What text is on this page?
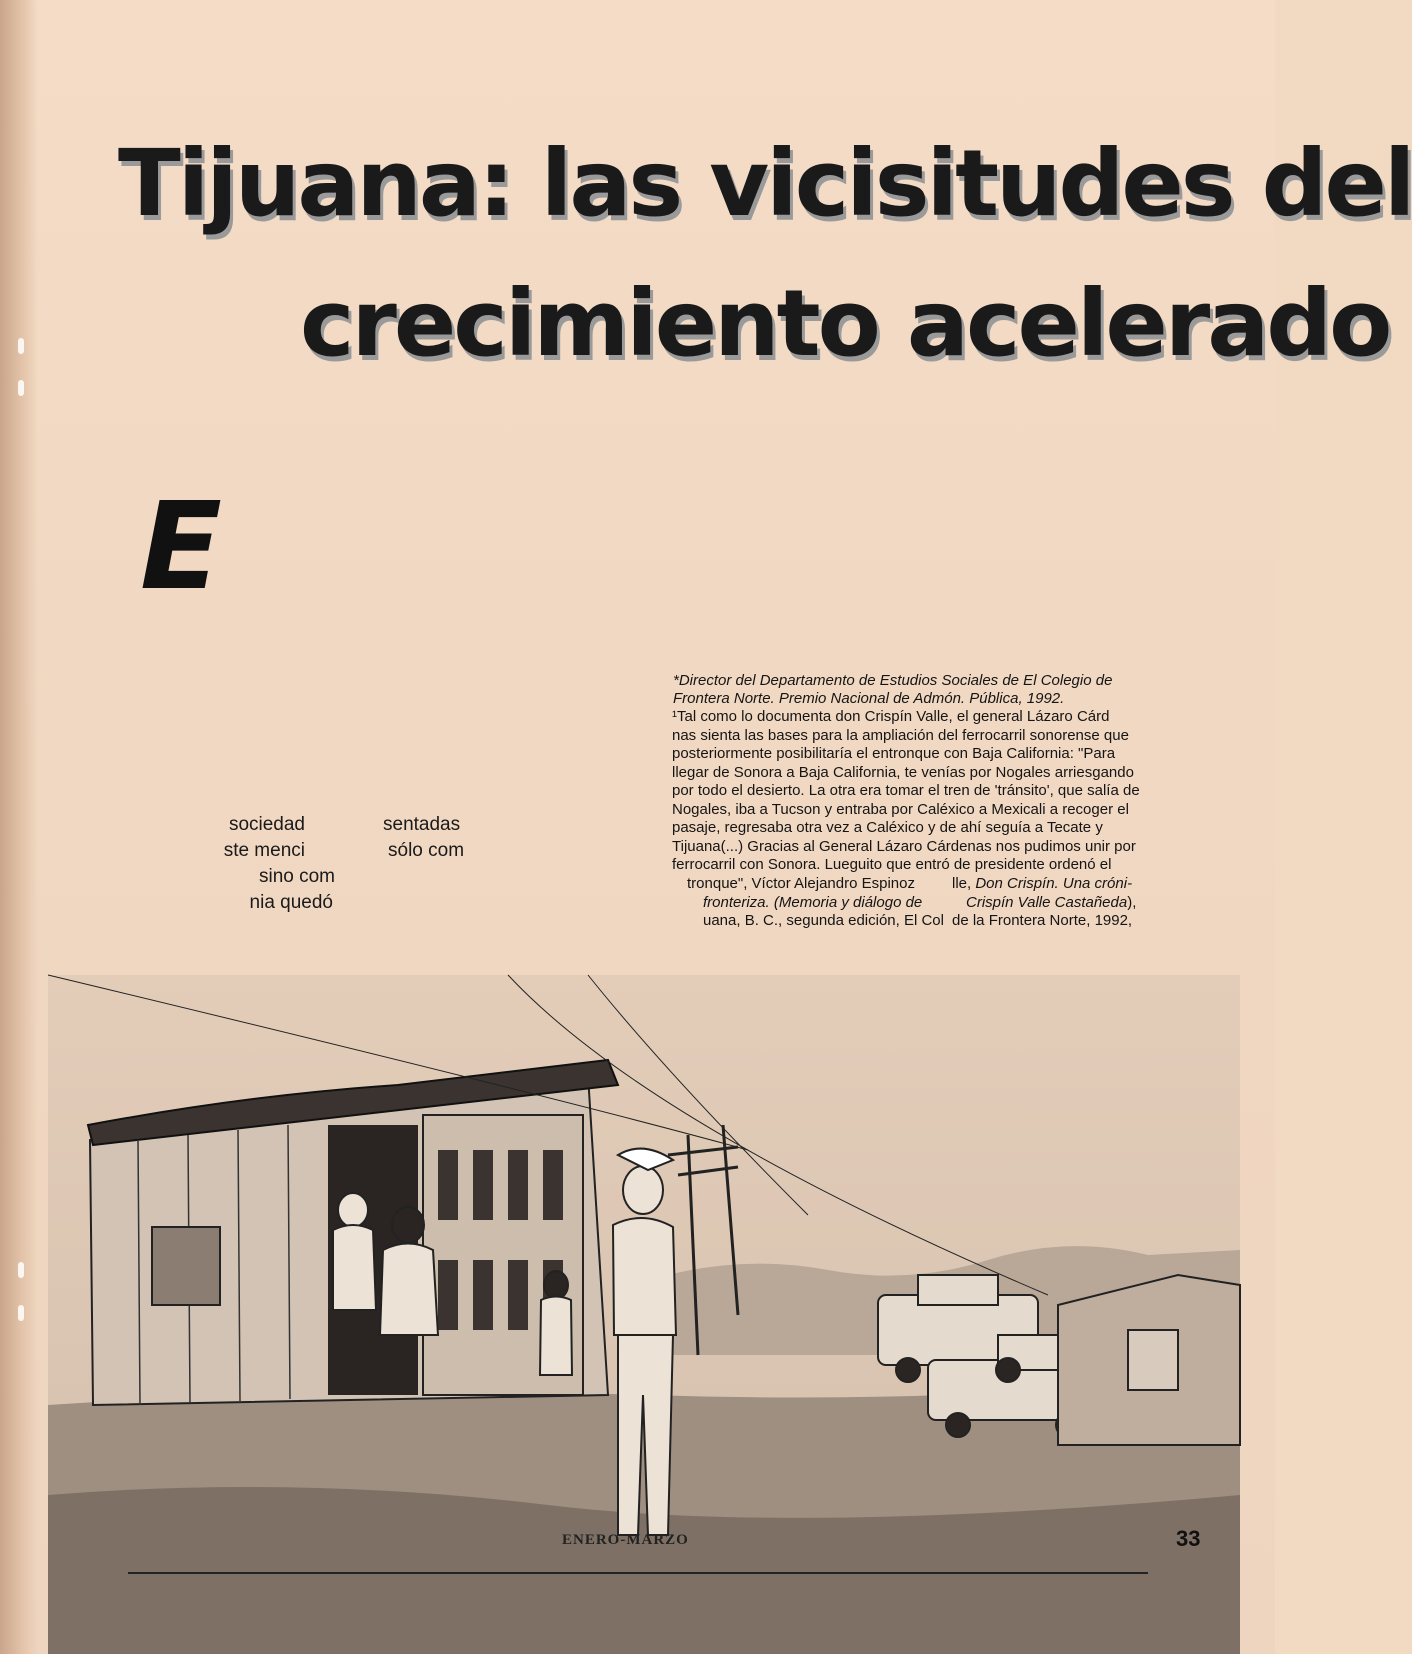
Tijuana: las vicisitudes del
crecimiento acelerado
E
sociedad
ste menci
sino com
nia quedó
sentadas
sólo com
*Director del Departamento de Estudios Sociales de El Colegio de
Frontera Norte. Premio Nacional de Admón. Pública, 1992.

¹Tal como lo documenta don Crispín Valle, el general Lázaro Cárd

nas sienta las bases para la ampliación del ferrocarril sonorense que

posteriormente posibilitaría el entronque con Baja California: "Para

llegar de Sonora a Baja California, te venías por Nogales arriesgando

por todo el desierto. La otra era tomar el tren de 'tránsito', que salía de

Nogales, iba a Tucson y entraba por Caléxico a Mexicali a recoger el

pasaje, regresaba otra vez a Caléxico y de ahí seguía a Tecate y

Tijuana(...) Gracias al General Lázaro Cárdenas nos pudimos unir por

ferrocarril con Sonora. Lueguito que entró de presidente ordenó el

tronque", Víctor Alejandro Espinoz

fronteriza. (Memoria y diálogo de

uana, B. C., segunda edición, El Col

lle, Don Crispín. Una cróni-

Crispín Valle Castañeda),

de la Frontera Norte, 1992,

ENERO-MARZO	33
